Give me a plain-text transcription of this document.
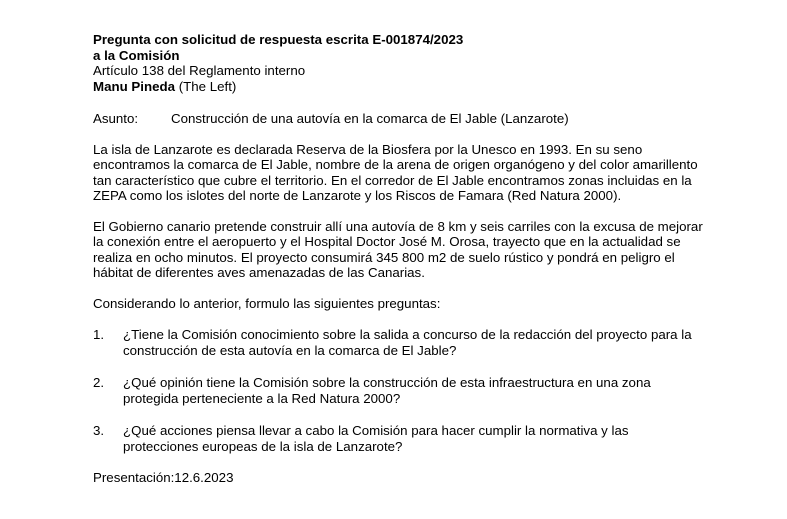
Pregunta con solicitud de respuesta escrita E-001874/2023
a la Comisión
Artículo 138 del Reglamento interno
Manu Pineda (The Left)
Asunto:	Construcción de una autovía en la comarca de El Jable (Lanzarote)

La isla de Lanzarote es declarada Reserva de la Biosfera por la Unesco en 1993. En su seno encontramos la comarca de El Jable, nombre de la arena de origen organógeno y del color amarillento tan característico que cubre el territorio. En el corredor de El Jable encontramos zonas incluidas en la ZEPA como los islotes del norte de Lanzarote y los Riscos de Famara (Red Natura 2000).

El Gobierno canario pretende construir allí una autovía de 8 km y seis carriles con la excusa de mejorar la conexión entre el aeropuerto y el Hospital Doctor José M. Orosa, trayecto que en la actualidad se realiza en ocho minutos. El proyecto consumirá 345 800 m2 de suelo rústico y pondrá en peligro el hábitat de diferentes aves amenazadas de las Canarias.

Considerando lo anterior, formulo las siguientes preguntas:

1.	¿Tiene la Comisión conocimiento sobre la salida a concurso de la redacción del proyecto para la construcción de esta autovía en la comarca de El Jable?
2.	¿Qué opinión tiene la Comisión sobre la construcción de esta infraestructura en una zona protegida perteneciente a la Red Natura 2000?
3.	¿Qué acciones piensa llevar a cabo la Comisión para hacer cumplir la normativa y las protecciones europeas de la isla de Lanzarote?
Presentación:12.6.2023
